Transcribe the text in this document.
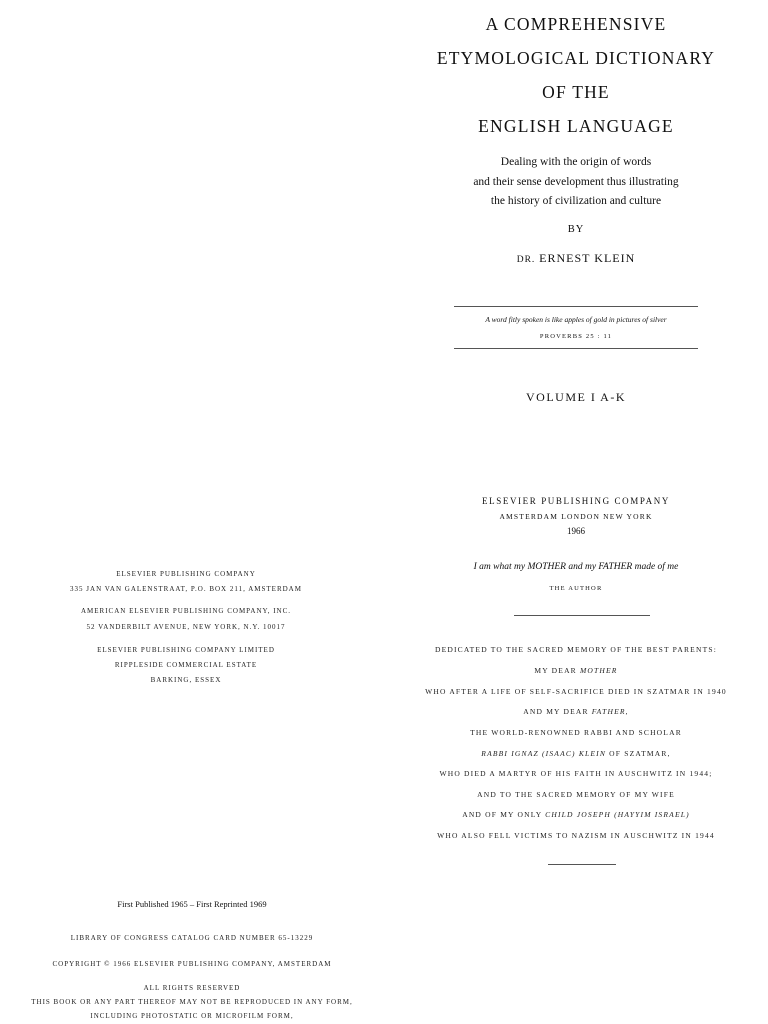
A COMPREHENSIVE
ETYMOLOGICAL DICTIONARY
OF THE
ENGLISH LANGUAGE
Dealing with the origin of words
and their sense development thus illustrating
the history of civilization and culture
BY
DR. ERNEST KLEIN
A word fitly spoken is like apples of gold in pictures of silver
PROVERBS 25 : 11
VOLUME I A-K
ELSEVIER PUBLISHING COMPANY
AMSTERDAM LONDON NEW YORK
1966
I am what my MOTHER and my FATHER made of me
THE AUTHOR
DEDICATED TO THE SACRED MEMORY OF THE BEST PARENTS:
MY DEAR MOTHER
WHO AFTER A LIFE OF SELF-SACRIFICE DIED IN SZATMAR IN 1940
AND MY DEAR FATHER,
THE WORLD-RENOWNED RABBI AND SCHOLAR
RABBI IGNAZ (ISAAC) KLEIN OF SZATMAR,
WHO DIED A MARTYR OF HIS FAITH IN AUSCHWITZ IN 1944;
AND TO THE SACRED MEMORY OF MY WIFE
AND OF MY ONLY CHILD JOSEPH (HAYYIM ISRAEL)
WHO ALSO FELL VICTIMS TO NAZISM IN AUSCHWITZ IN 1944
ELSEVIER PUBLISHING COMPANY
335 JAN VAN GALENSTRAAT, P.O. BOX 211, AMSTERDAM
AMERICAN ELSEVIER PUBLISHING COMPANY, INC.
52 VANDERBILT AVENUE, NEW YORK, N.Y. 10017
ELSEVIER PUBLISHING COMPANY LIMITED
RIPPLESIDE COMMERCIAL ESTATE
BARKING, ESSEX
First Published 1965 – First Reprinted 1969
LIBRARY OF CONGRESS CATALOG CARD NUMBER 65-13229
COPYRIGHT © 1966 ELSEVIER PUBLISHING COMPANY, AMSTERDAM
ALL RIGHTS RESERVED
THIS BOOK OR ANY PART THEREOF MAY NOT BE REPRODUCED IN ANY FORM,
INCLUDING PHOTOSTATIC OR MICROFILM FORM,
